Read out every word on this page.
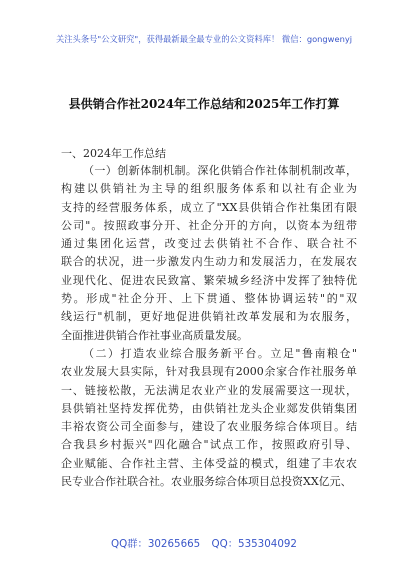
关注头条号"公文研究"，获得最新最全最专业的公文资料库！ 微信：gongwenyj
县供销合作社2024年工作总结和2025年工作打算
一、2024年工作总结
（一）创新体制机制。深化供销合作社体制机制改革，
构建以供销社为主导的组织服务体系和以社有企业为
支持的经营服务体系，成立了"XX县供销合作社集团有限
公司"。按照政事分开、社企分开的方向，以资本为纽带
通过集团化运营，改变过去供销社不合作、联合社不
联合的状况，进一步激发内生动力和发展活力，在发展农
业现代化、促进农民致富、繁荣城乡经济中发挥了独特优
势。形成"社企分开、上下贯通、整体协调运转"的"双
线运行"机制，更好地促进供销社改革发展和为农服务，
全面推进供销合作社事业高质量发展。
（二）打造农业综合服务新平台。立足"鲁南粮仓"
农业发展大县实际，针对我县现有2000余家合作社服务单
一、链接松散，无法满足农业产业的发展需要这一现状，
县供销社坚持发挥优势，由供销社龙头企业郯发供销集团
丰裕农资公司全面参与，建设了农业服务综合体项目。结
合我县乡村振兴"四化融合"试点工作，按照政府引导、
企业赋能、合作社主营、主体受益的模式，组建了丰农农
民专业合作社联合社。农业服务综合体项目总投资XX亿元、
QQ群：30265665 QQ：535304092
